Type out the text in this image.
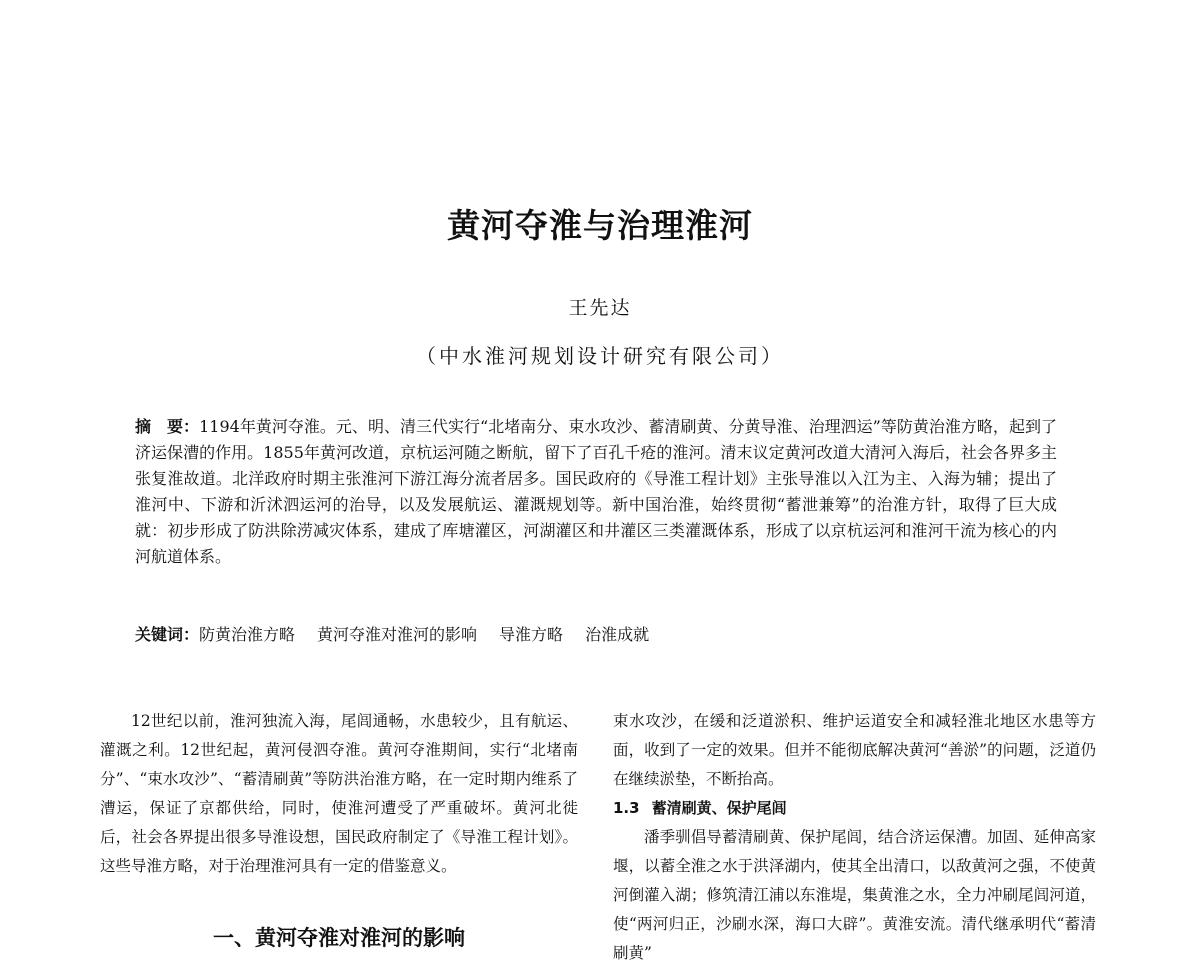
黄河夺淮与治理淮河
王先达
（中水淮河规划设计研究有限公司）
摘　要：1194年黄河夺淮。元、明、清三代实行“北堵南分、束水攻沙、蓄清刷黄、分黄导淮、治理泗运”等防黄治淮方略，起到了济运保漕的作用。1855年黄河改道，京杭运河随之断航，留下了百孔千疮的淮河。清末议定黄河改道大清河入海后，社会各界多主张复淮故道。北洋政府时期主张淮河下游江海分流者居多。国民政府的《导淮工程计划》主张导淮以入江为主、入海为辅；提出了淮河中、下游和沂沭泗运河的治导，以及发展航运、灌溉规划等。新中国治淮，始终贯彻“蓄泄兼筹”的治淮方针，取得了巨大成就：初步形成了防洪除涝减灾体系，建成了库塘灌区，河湖灌区和井灌区三类灌溉体系，形成了以京杭运河和淮河干流为核心的内河航道体系。
关键词：防黄治淮方略 黄河夺淮对淮河的影响 导淮方略 治淮成就

12世纪以前，淮河独流入海，尾闾通畅，水患较少，且有航运、灌溉之利。12世纪起，黄河侵泗夺淮。黄河夺淮期间，实行“北堵南分”、“束水攻沙”、“蓄清刷黄”等防洪治淮方略，在一定时期内维系了漕运，保证了京都供给，同时，使淮河遭受了严重破坏。黄河北徙后，社会各界提出很多导淮设想，国民政府制定了《导淮工程计划》。这些导淮方略，对于治理淮河具有一定的借鉴意义。

一、黄河夺淮对淮河的影响

束水攻沙，在缓和泛道淤积、维护运道安全和减轻淮北地区水患等方面，收到了一定的效果。但并不能彻底解决黄河“善淤”的问题，泛道仍在继续淤垫，不断抬高。

1.3 蓄清刷黄、保护尾闾

潘季驯倡导蓄清刷黄、保护尾闾，结合济运保漕。加固、延伸高家堰，以蓄全淮之水于洪泽湖内，使其全出清口，以敌黄河之强，不使黄河倒灌入湖；修筑清江浦以东淮堤，集黄淮之水，全力冲刷尾闾河道，使“两河归正，沙刷水深，海口大辟”。黄淮安流。清代继承明代“蓄清刷黄”
